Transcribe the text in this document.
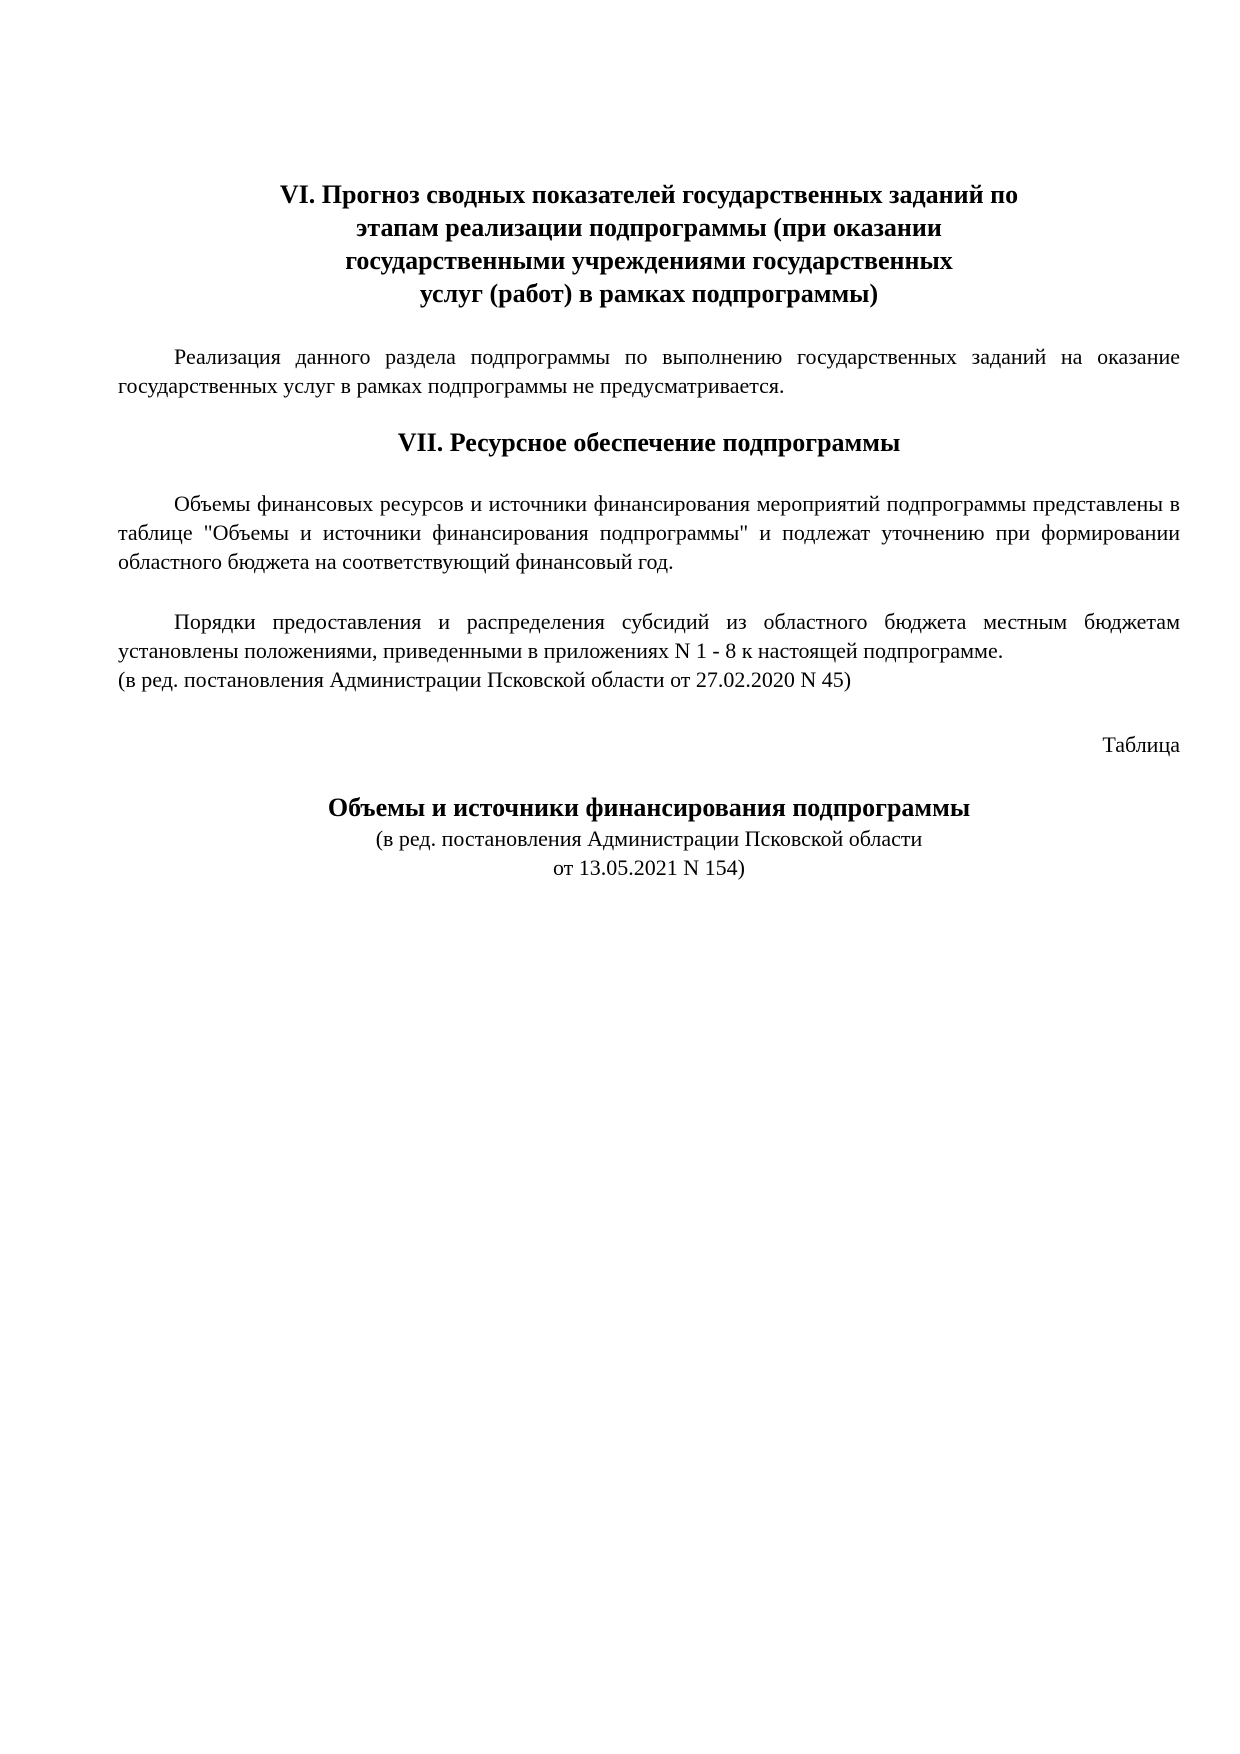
VI. Прогноз сводных показателей государственных заданий по
этапам реализации подпрограммы (при оказании
государственными учреждениями государственных
услуг (работ) в рамках подпрограммы)

Реализация данного раздела подпрограммы по выполнению государственных заданий на оказание государственных услуг в рамках подпрограммы не предусматривается.

VII. Ресурсное обеспечение подпрограммы

Объемы финансовых ресурсов и источники финансирования мероприятий подпрограммы представлены в таблице "Объемы и источники финансирования подпрограммы" и подлежат уточнению при формировании областного бюджета на соответствующий финансовый год.

Порядки предоставления и распределения субсидий из областного бюджета местным бюджетам установлены положениями, приведенными в приложениях N 1 - 8 к настоящей подпрограмме.

(в ред. постановления Администрации Псковской области от 27.02.2020 N 45)

Таблица

Объемы и источники финансирования подпрограммы

(в ред. постановления Администрации Псковской области
от 13.05.2021 N 154)
